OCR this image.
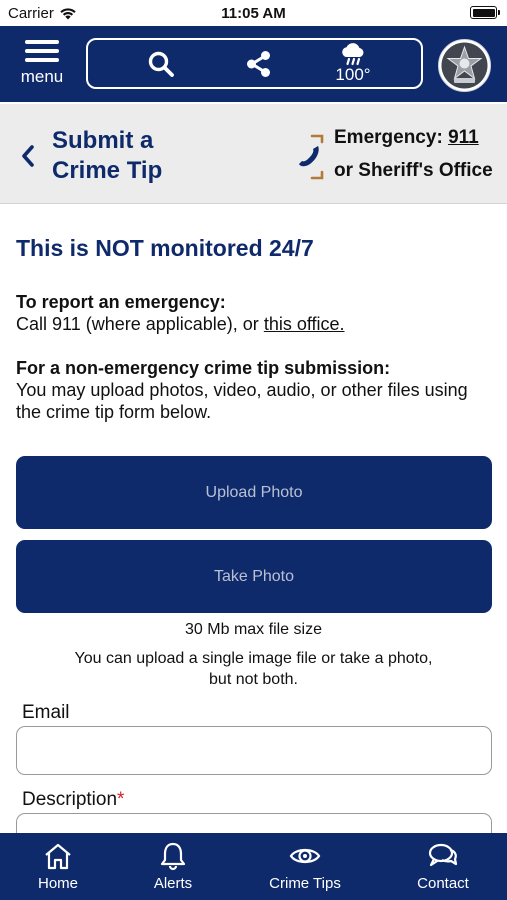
Carrier	11:05 AM
menu	100°
Submit a Crime Tip
Emergency: 911
or Sheriff's Office
This is NOT monitored 24/7
To report an emergency:
Call 911 (where applicable), or this office.
For a non-emergency crime tip submission:
You may upload photos, video, audio, or other files using the crime tip form below.
Upload Photo
Take Photo
30 Mb max file size
You can upload a single image file or take a photo, but not both.
Email
Description*
Home	Alerts	Crime Tips	Contact
